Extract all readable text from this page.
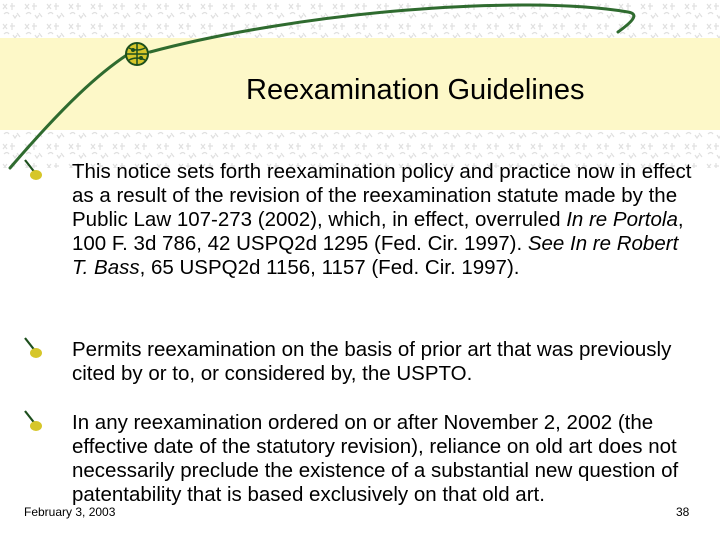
Reexamination Guidelines
This notice sets forth reexamination policy and practice now in effect as a result of the revision of the reexamination statute made by the Public Law 107-273 (2002), which, in effect, overruled In re Portola, 100 F. 3d 786, 42 USPQ2d 1295 (Fed. Cir. 1997). See In re Robert T. Bass, 65 USPQ2d 1156, 1157 (Fed. Cir. 1997).
Permits reexamination on the basis of prior art that was previously cited by or to, or considered by, the USPTO.
In any reexamination ordered on or after November 2, 2002 (the effective date of the statutory revision), reliance on old art does not necessarily preclude the existence of a substantial new question of patentability that is based exclusively on that old art.
February 3, 2003	38
